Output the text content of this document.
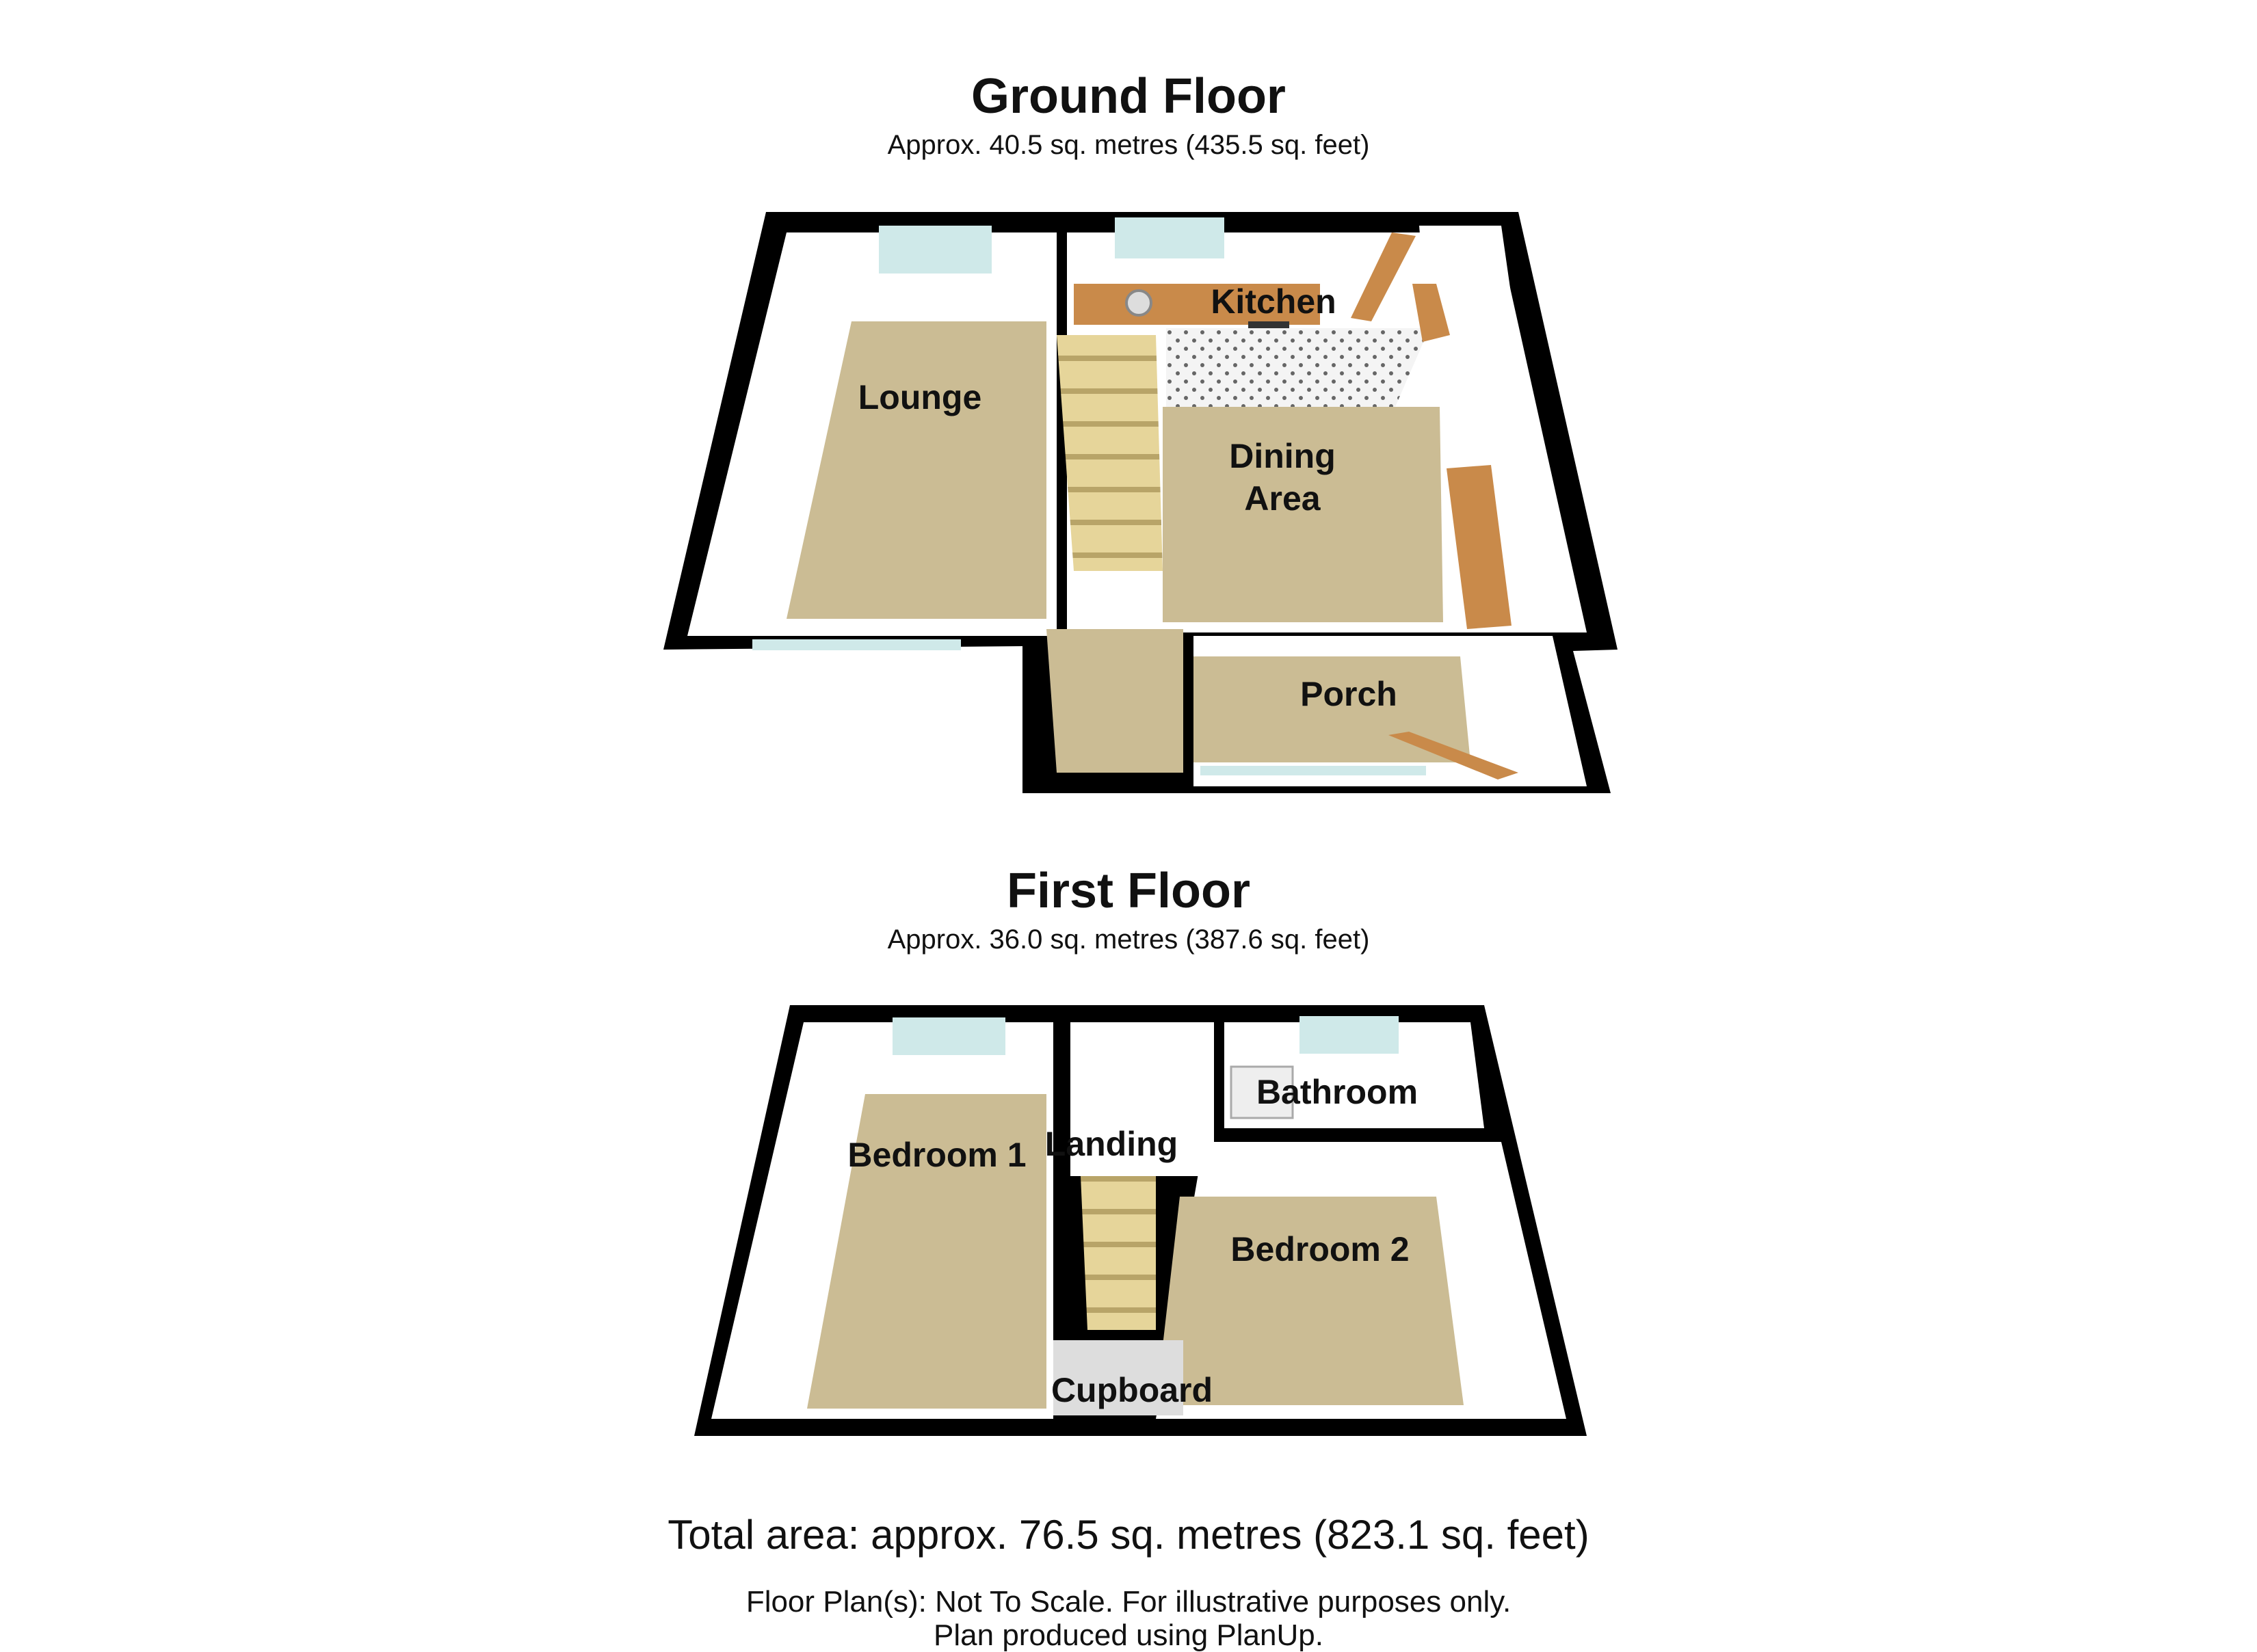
Ground Floor
Approx. 40.5 sq. metres (435.5 sq. feet)
First Floor
Approx. 36.0 sq. metres (387.6 sq. feet)
Kitchen
Lounge
Dining
Area
Porch
Bathroom
Bedroom 1 Landing
Bedroom 2
Cupboard
Total area: approx. 76.5 sq. metres (823.1 sq. feet)
Floor Plan(s): Not To Scale. For illustrative purposes only.
Plan produced using PlanUp.
